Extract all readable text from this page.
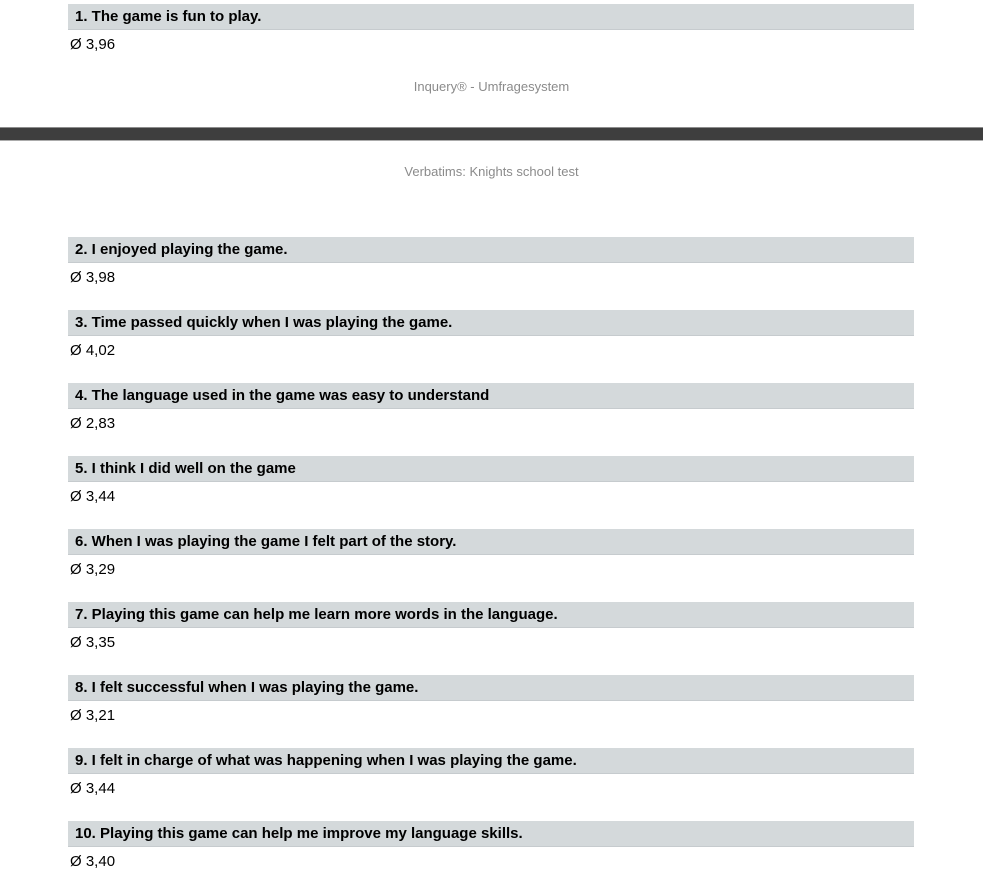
1. The game is fun to play.
Ø 3,96
Inquery® - Umfragesystem
Verbatims: Knights school test
2. I enjoyed playing the game.
Ø 3,98
3. Time passed quickly when I was playing the game.
Ø 4,02
4. The language used in the game was easy to understand
Ø 2,83
5. I think I did well on the game
Ø 3,44
6. When I was playing the game I felt part of the story.
Ø 3,29
7. Playing this game can help me learn more words in the language.
Ø 3,35
8. I felt successful when I was playing the game.
Ø 3,21
9. I felt in charge of what was happening when I was playing the game.
Ø 3,44
10. Playing this game can help me improve my language skills.
Ø 3,40
